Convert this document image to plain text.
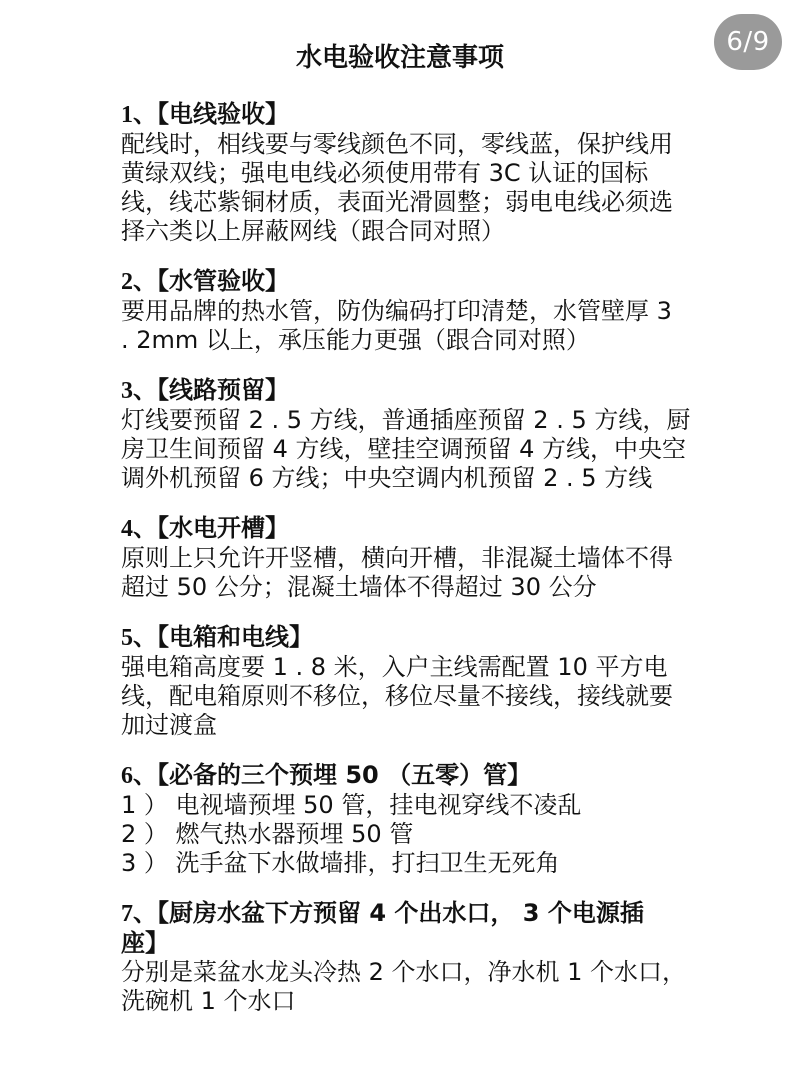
6/9
水电验收注意事项

1、【电线验收】

配线时，相线要与零线颜色不同，零线蓝，保护线用

黄绿双线；强电电线必须使用带有 3C 认证的国标

线，线芯紫铜材质，表面光滑圆整；弱电电线必须选

择六类以上屏蔽网线（跟合同对照）

2、【水管验收】

要用品牌的热水管，防伪编码打印清楚，水管壁厚 3

. 2mm 以上，承压能力更强（跟合同对照）

3、【线路预留】

灯线要预留 2 . 5 方线，普通插座预留 2 . 5 方线，厨

房卫生间预留 4 方线，壁挂空调预留 4 方线，中央空

调外机预留 6 方线；中央空调内机预留 2 . 5 方线

4、【水电开槽】

原则上只允许开竖槽，横向开槽，非混凝土墙体不得

超过 50 公分；混凝土墙体不得超过 30 公分

5、【电箱和电线】

强电箱高度要 1 . 8 米，入户主线需配置 10 平方电

线，配电箱原则不移位，移位尽量不接线，接线就要

加过渡盒

6、【必备的三个预埋 50 （五零）管】

1 ） 电视墙预埋 50 管，挂电视穿线不凌乱
2 ） 燃气热水器预埋 50 管
3 ） 洗手盆下水做墙排，打扫卫生无死角

7、【厨房水盆下方预留 4 个出水口， 3 个电源插

座】

分别是菜盆水龙头冷热 2 个水口，净水机 1 个水口，

洗碗机 1 个水口
